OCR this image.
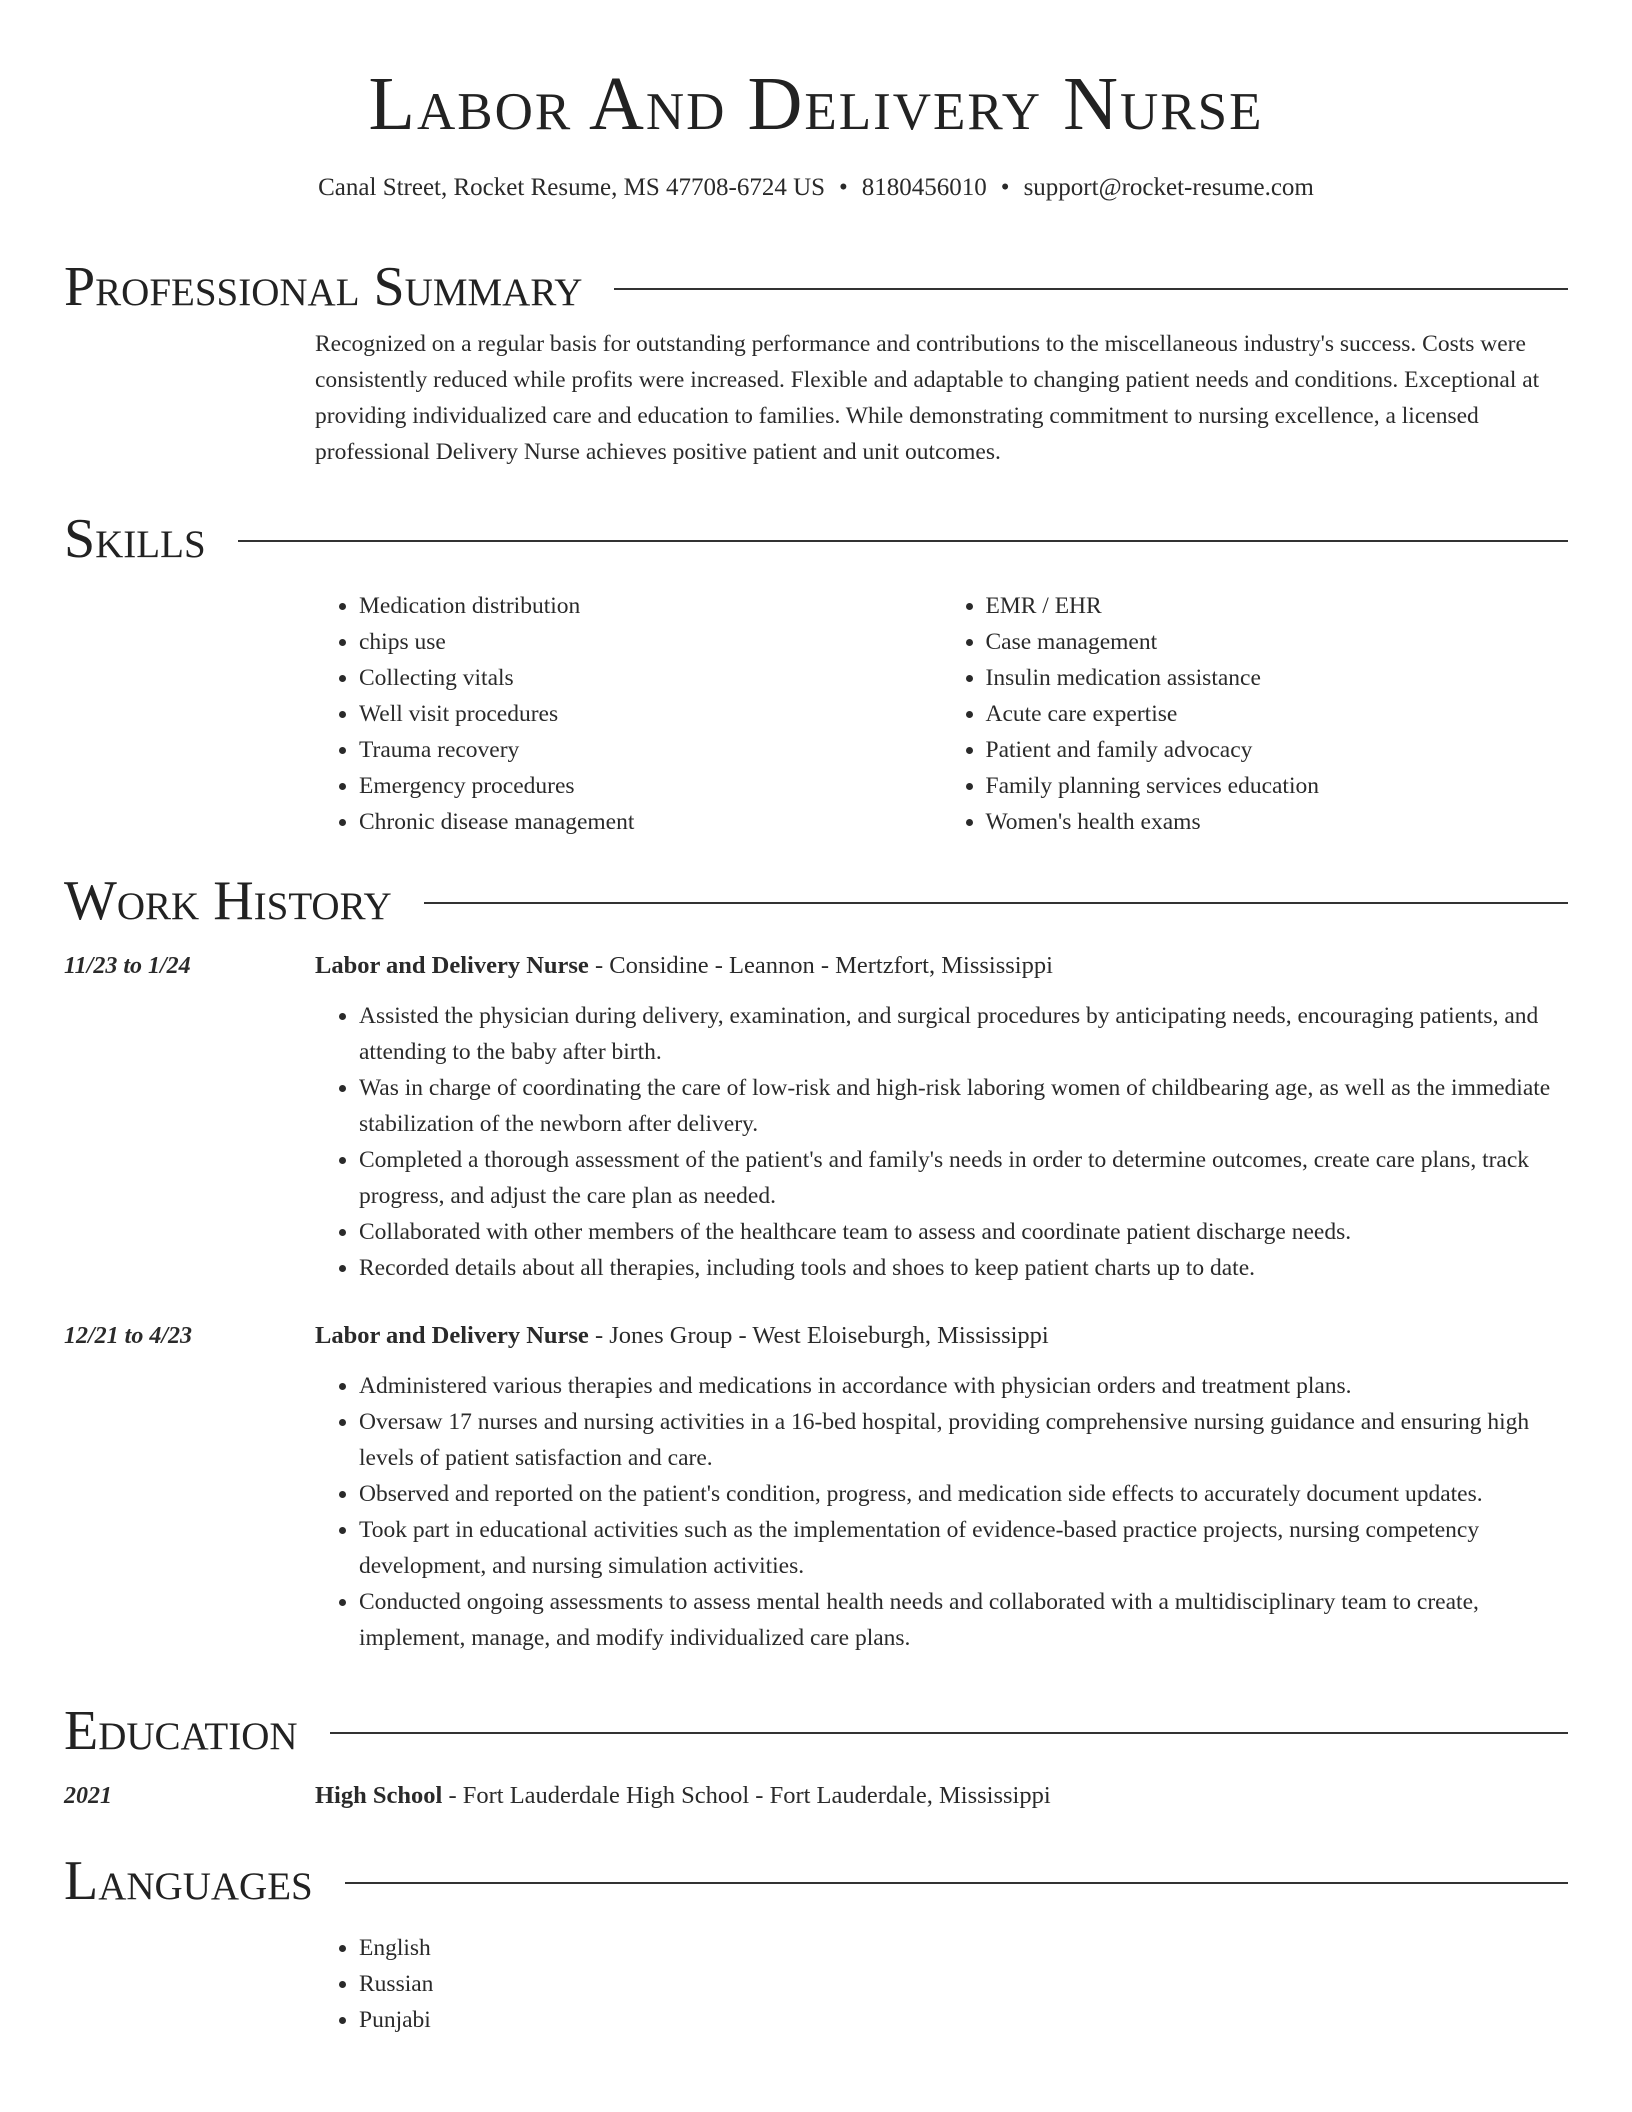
Labor And Delivery Nurse
Canal Street, Rocket Resume, MS 47708-6724 US • 8180456010 • support@rocket-resume.com
Professional Summary
Recognized on a regular basis for outstanding performance and contributions to the miscellaneous industry's success. Costs were consistently reduced while profits were increased. Flexible and adaptable to changing patient needs and conditions. Exceptional at providing individualized care and education to families. While demonstrating commitment to nursing excellence, a licensed professional Delivery Nurse achieves positive patient and unit outcomes.
Skills
• Medication distribution
• chips use
• Collecting vitals
• Well visit procedures
• Trauma recovery
• Emergency procedures
• Chronic disease management
• EMR / EHR
• Case management
• Insulin medication assistance
• Acute care expertise
• Patient and family advocacy
• Family planning services education
• Women's health exams
Work History
11/23 to 1/24	Labor and Delivery Nurse - Considine - Leannon - Mertzfort, Mississippi
• Assisted the physician during delivery, examination, and surgical procedures by anticipating needs, encouraging patients, and attending to the baby after birth.
• Was in charge of coordinating the care of low-risk and high-risk laboring women of childbearing age, as well as the immediate stabilization of the newborn after delivery.
• Completed a thorough assessment of the patient's and family's needs in order to determine outcomes, create care plans, track progress, and adjust the care plan as needed.
• Collaborated with other members of the healthcare team to assess and coordinate patient discharge needs.
• Recorded details about all therapies, including tools and shoes to keep patient charts up to date.
12/21 to 4/23	Labor and Delivery Nurse - Jones Group - West Eloiseburgh, Mississippi
• Administered various therapies and medications in accordance with physician orders and treatment plans.
• Oversaw 17 nurses and nursing activities in a 16-bed hospital, providing comprehensive nursing guidance and ensuring high levels of patient satisfaction and care.
• Observed and reported on the patient's condition, progress, and medication side effects to accurately document updates.
• Took part in educational activities such as the implementation of evidence-based practice projects, nursing competency development, and nursing simulation activities.
• Conducted ongoing assessments to assess mental health needs and collaborated with a multidisciplinary team to create, implement, manage, and modify individualized care plans.
Education
2021	High School - Fort Lauderdale High School - Fort Lauderdale, Mississippi
Languages
• English
• Russian
• Punjabi
